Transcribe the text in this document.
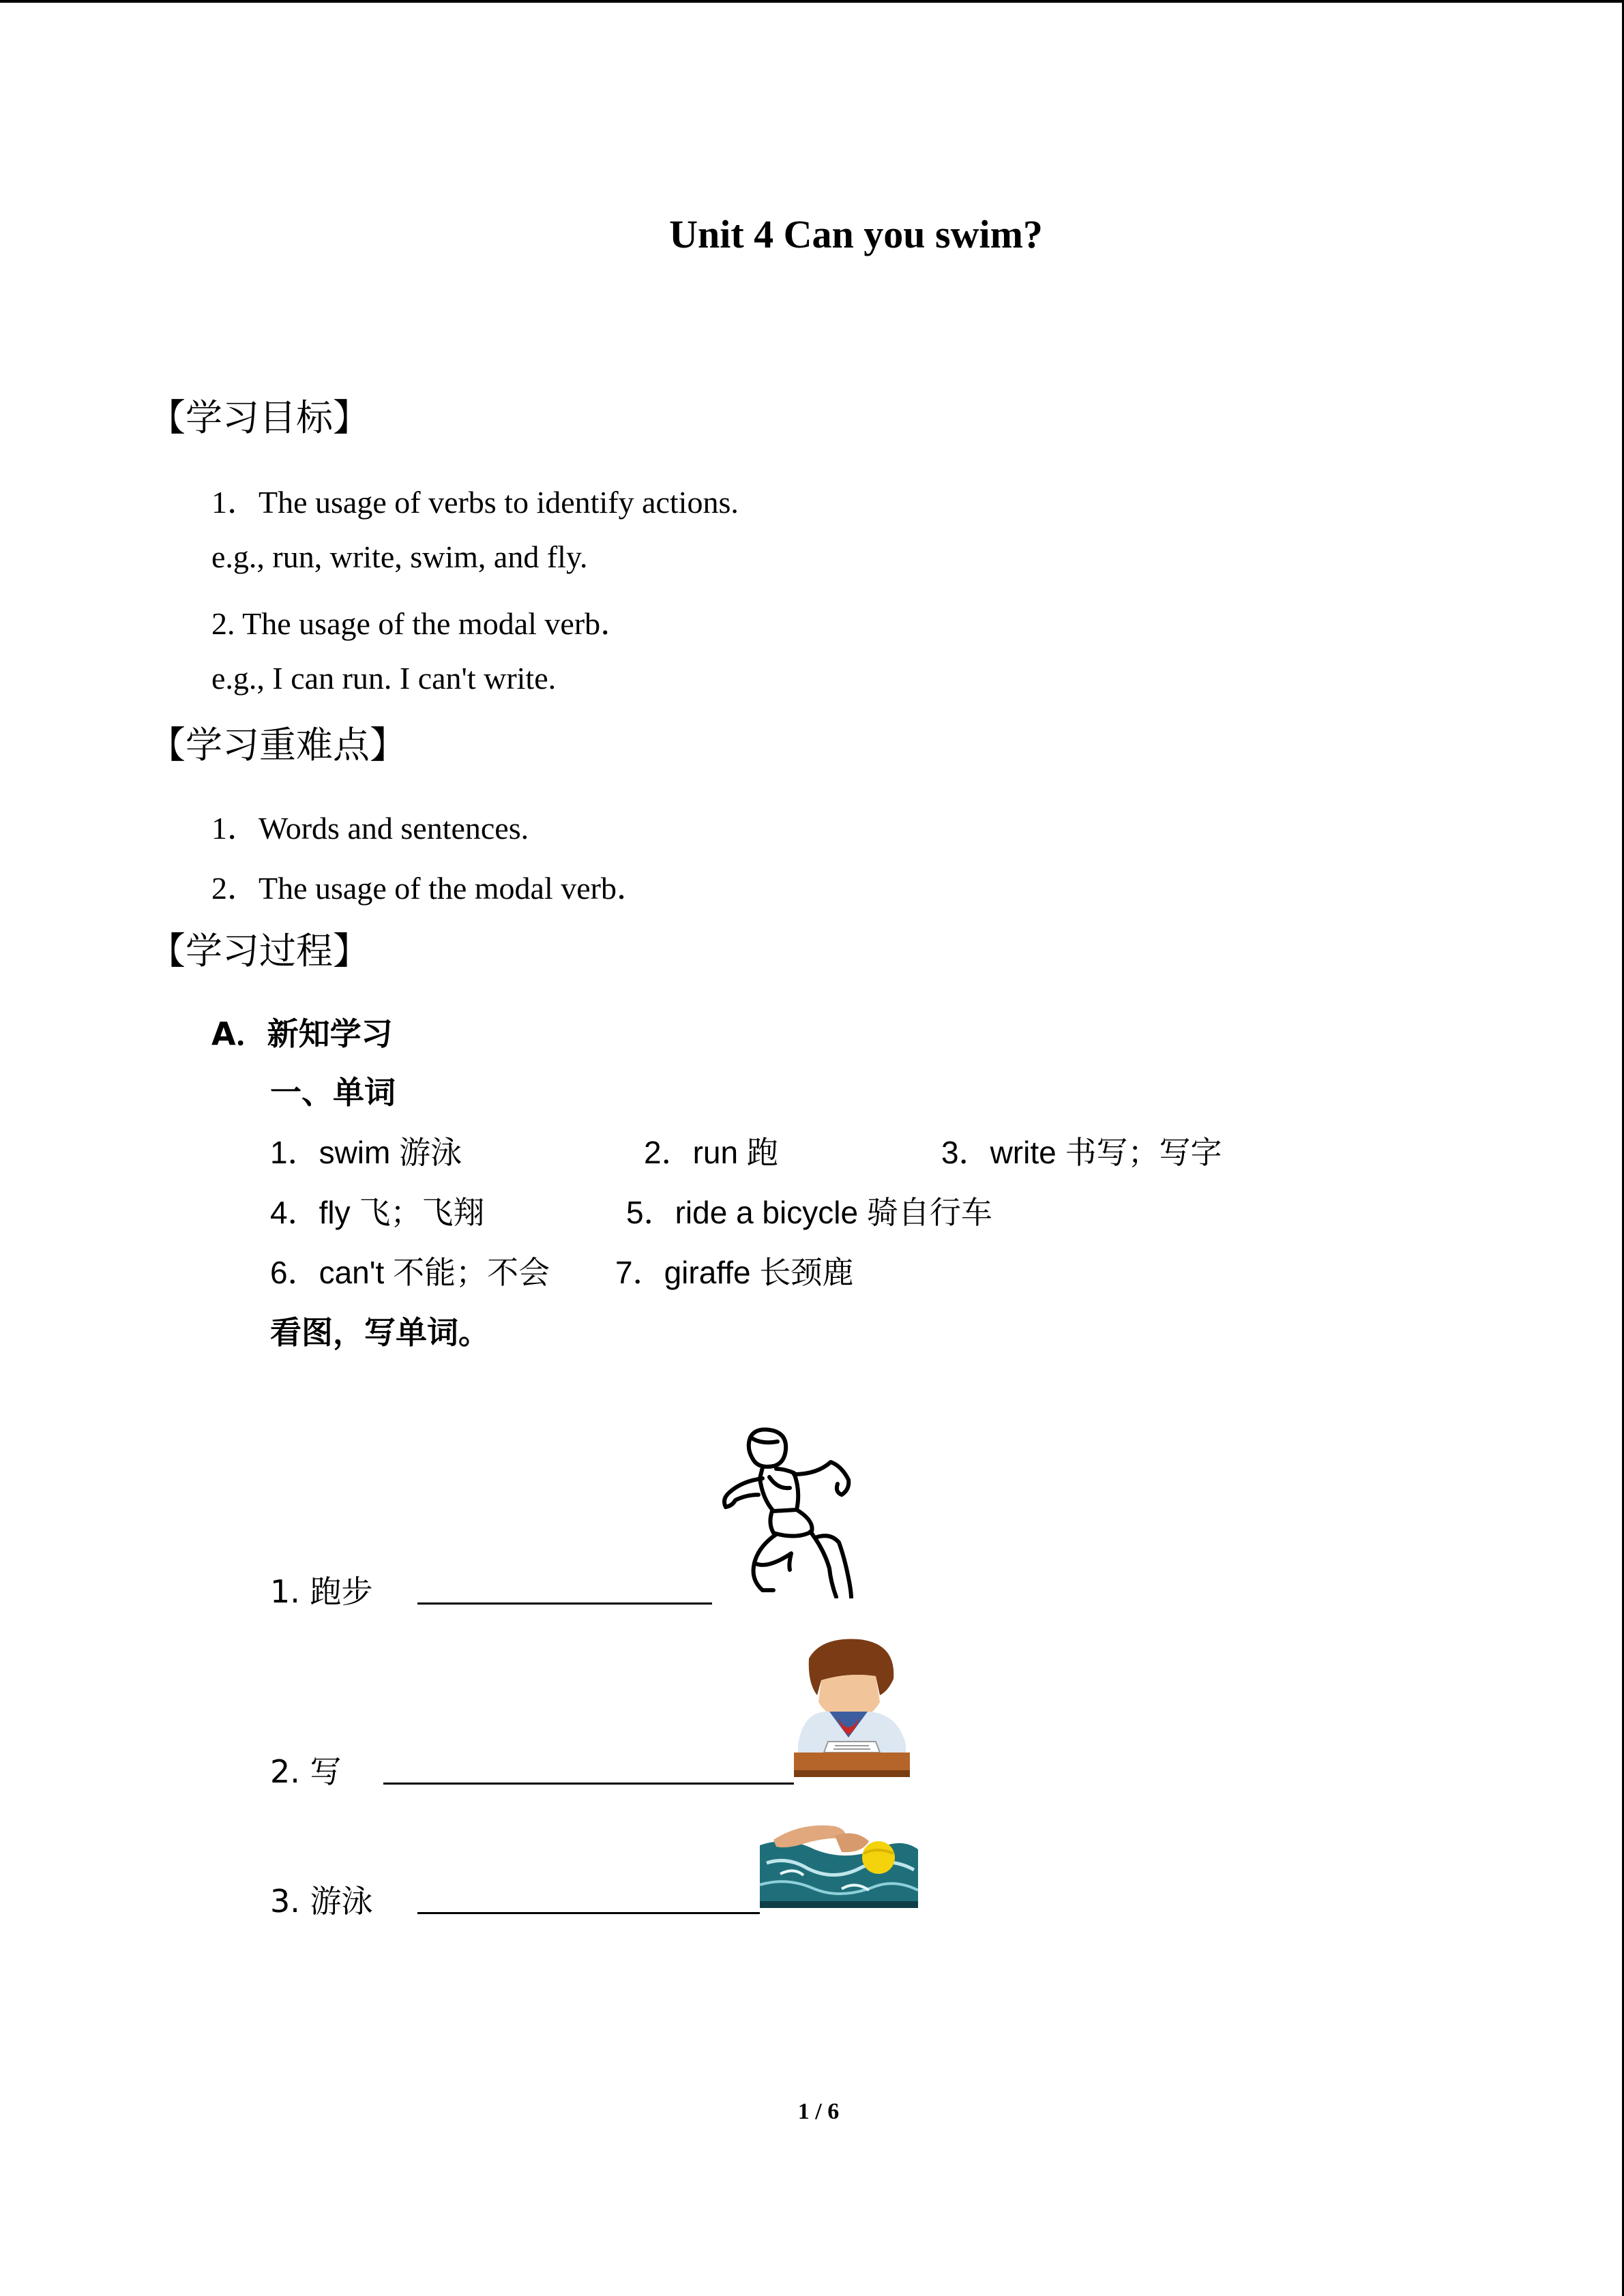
Unit 4 Can you swim?
【学习目标】
1．The usage of verbs to identify actions.
e.g., run, write, swim, and fly.
2. The usage of the modal verb．
e.g., I can run. I can't write.
【学习重难点】
1．Words and sentences.
2．The usage of the modal verb．
【学习过程】
A．新知学习
一、单词
1．swim 游泳	2．run 跑	3．write 书写；写字
4．fly 飞；飞翔	5．ride a bicycle 骑自行车
6．can't 不能；不会 7．giraffe 长颈鹿
看图，写单词。
1. 跑步
2. 写
3. 游泳
1 / 6
